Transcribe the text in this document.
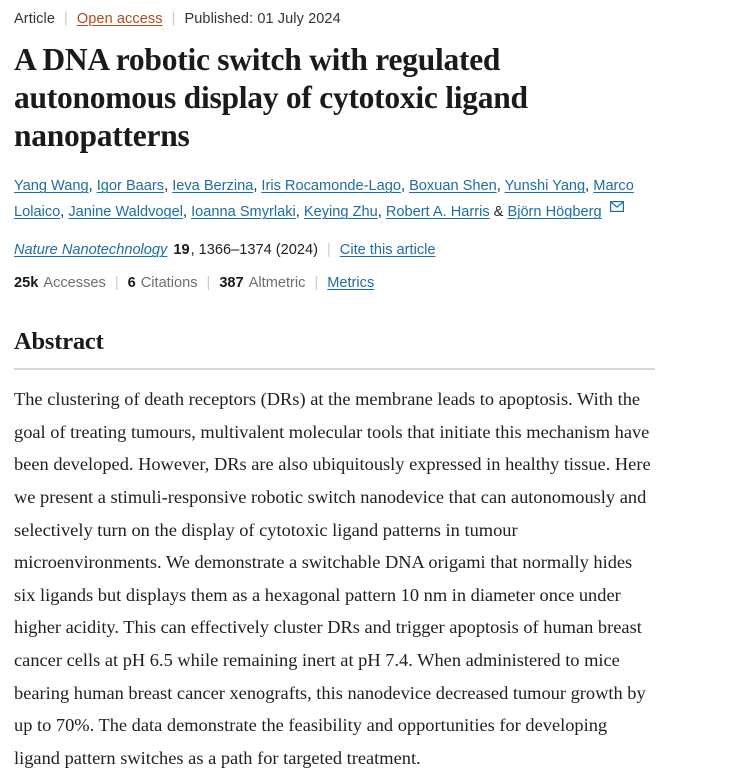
Article | Open access | Published: 01 July 2024
A DNA robotic switch with regulated autonomous display of cytotoxic ligand nanopatterns
Yang Wang, Igor Baars, Ieva Berzina, Iris Rocamonde-Lago, Boxuan Shen, Yunshi Yang, Marco Lolaico, Janine Waldvogel, Ioanna Smyrlaki, Keying Zhu, Robert A. Harris & Björn Högberg
Nature Nanotechnology 19 , 1366–1374 (2024) | Cite this article
25k Accesses | 6 Citations | 387 Altmetric | Metrics
Abstract

The clustering of death receptors (DRs) at the membrane leads to apoptosis. With the goal of treating tumours, multivalent molecular tools that initiate this mechanism have been developed. However, DRs are also ubiquitously expressed in healthy tissue. Here we present a stimuli-responsive robotic switch nanodevice that can autonomously and selectively turn on the display of cytotoxic ligand patterns in tumour microenvironments. We demonstrate a switchable DNA origami that normally hides six ligands but displays them as a hexagonal pattern 10 nm in diameter once under higher acidity. This can effectively cluster DRs and trigger apoptosis of human breast cancer cells at pH 6.5 while remaining inert at pH 7.4. When administered to mice bearing human breast cancer xenografts, this nanodevice decreased tumour growth by up to 70%. The data demonstrate the feasibility and opportunities for developing ligand pattern switches as a path for targeted treatment.
